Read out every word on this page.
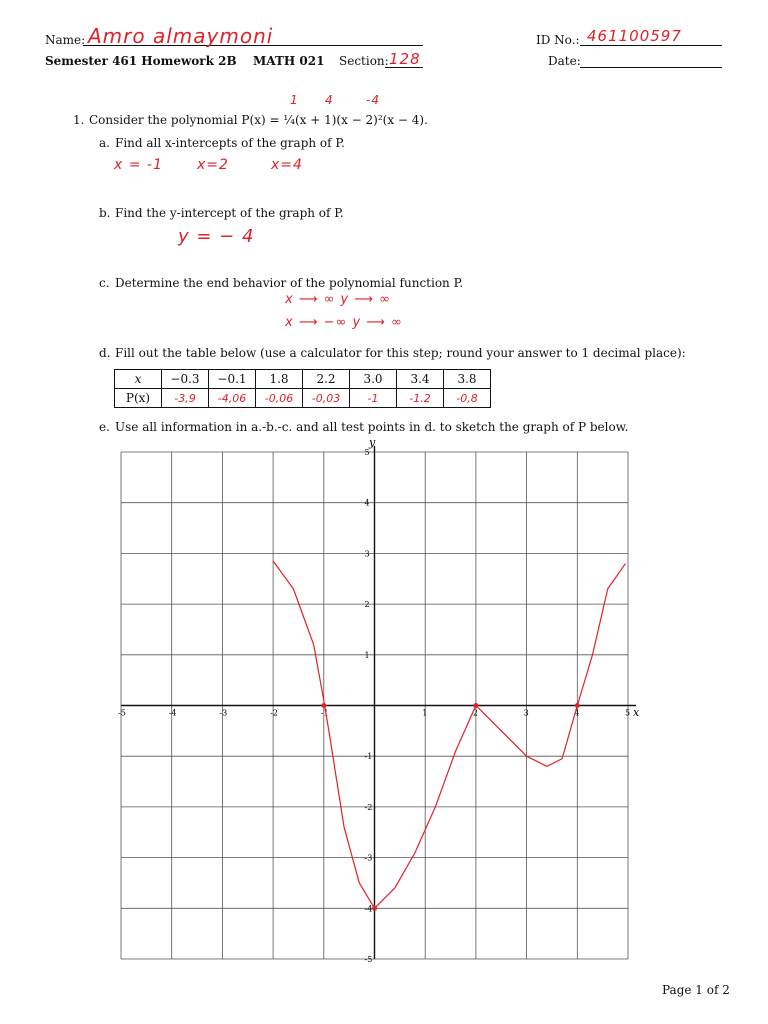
Name: Amro almaymoni	ID No.: 461100597
Semester 461 Homework 2B MATH 021 Section: 128	Date:
1 4	-4
1. Consider the polynomial P(x) = ¼(x + 1)(x − 2)²(x − 4).
a. Find all x-intercepts of the graph of P.
x = -1 x=2	x=4
b. Find the y-intercept of the graph of P.
y = − 4
c. Determine the end behavior of the polynomial function P.
x ⟶ ∞ y ⟶ ∞
x ⟶ −∞ y ⟶ ∞
d. Fill out the table below (use a calculator for this step; round your answer to 1 decimal place):
x	−0.3	−0.1	1.8	2.2	3.0	3.4	3.8
P(x)	-3,9	-4,06	-0,06	-0,03	-1	-1.2	-0,8
e. Use all information in a.-b.-c. and all test points in d. to sketch the graph of P below.
-5	-4	-3	-2	-1	1	2	3	4	5
5
4
3
2
1
-1
-2
-3
-4
-5
x
y
Page 1 of 2
